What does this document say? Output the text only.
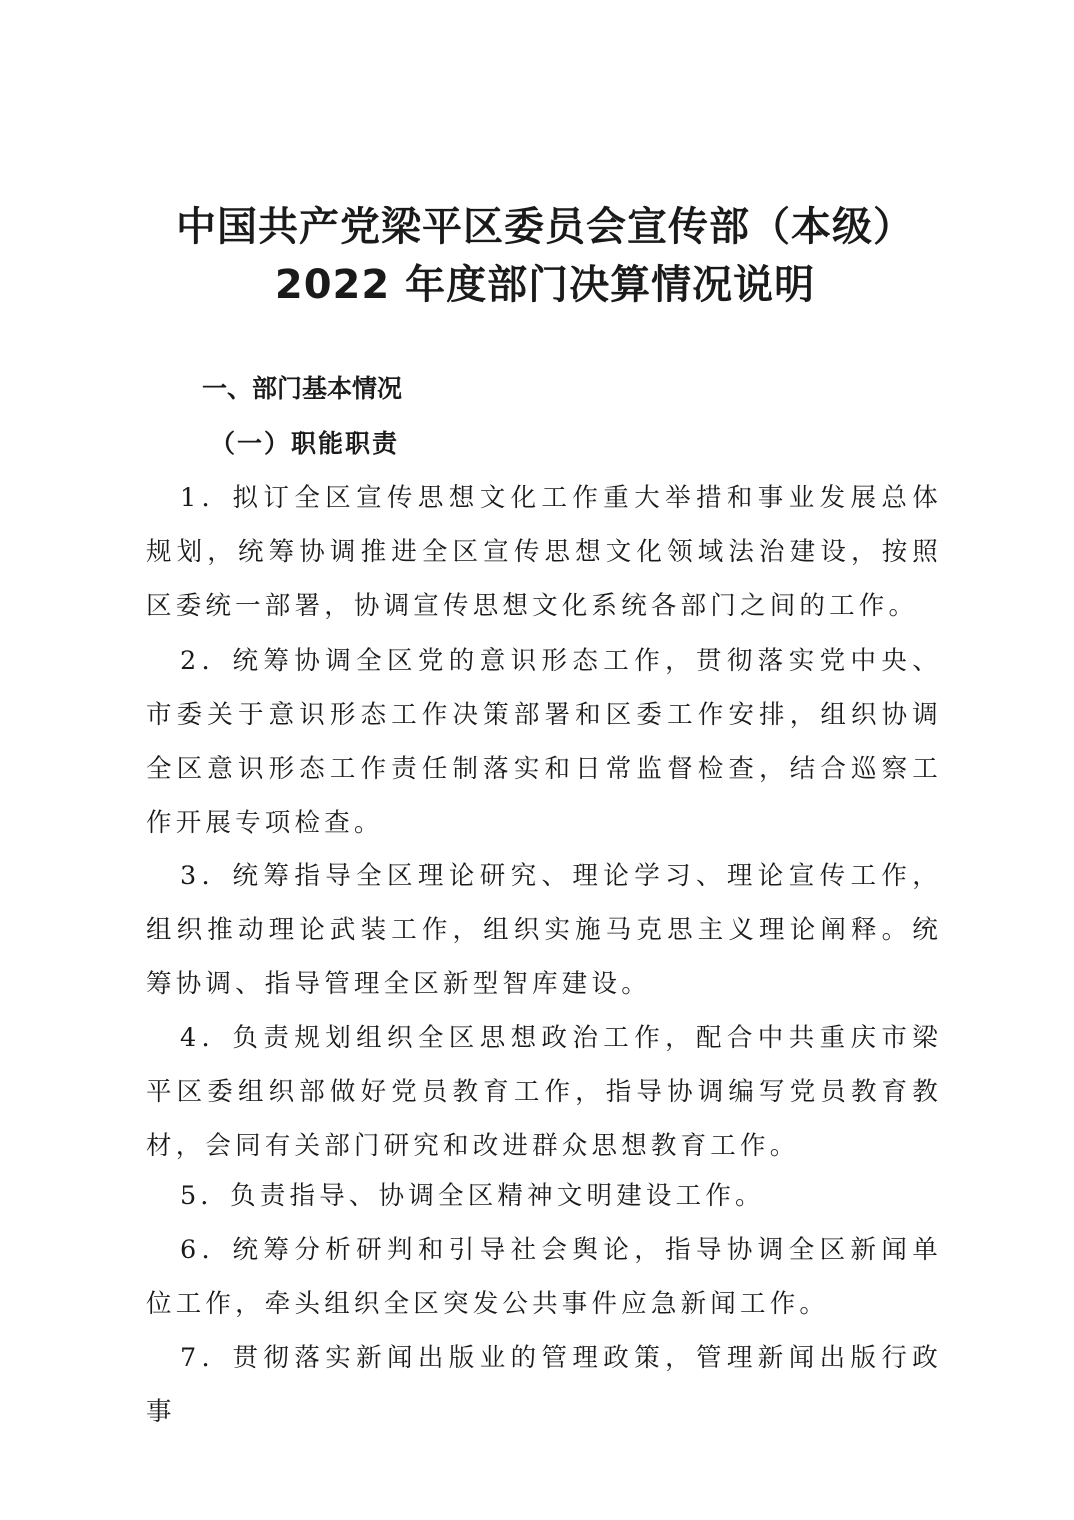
中国共产党梁平区委员会宣传部（本级）
2022 年度部门决算情况说明
一、部门基本情况
（一）职能职责

1．拟订全区宣传思想文化工作重大举措和事业发展总体规划，统筹协调推进全区宣传思想文化领域法治建设，按照区委统一部署，协调宣传思想文化系统各部门之间的工作。

2．统筹协调全区党的意识形态工作，贯彻落实党中央、市委关于意识形态工作决策部署和区委工作安排，组织协调全区意识形态工作责任制落实和日常监督检查，结合巡察工作开展专项检查。

3．统筹指导全区理论研究、理论学习、理论宣传工作，组织推动理论武装工作，组织实施马克思主义理论阐释。统筹协调、指导管理全区新型智库建设。

4．负责规划组织全区思想政治工作，配合中共重庆市梁平区委组织部做好党员教育工作，指导协调编写党员教育教材，会同有关部门研究和改进群众思想教育工作。

5．负责指导、协调全区精神文明建设工作。

6．统筹分析研判和引导社会舆论，指导协调全区新闻单位工作，牵头组织全区突发公共事件应急新闻工作。

7．贯彻落实新闻出版业的管理政策，管理新闻出版行政事
